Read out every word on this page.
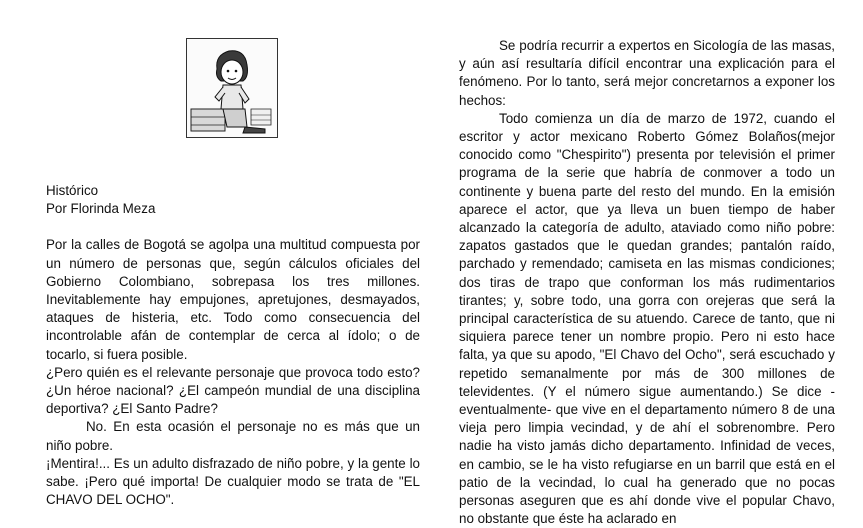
Histórico

Por Florinda Meza

Por la calles de Bogotá se agolpa una multitud compuesta por un número de personas que, según cálculos oficiales del Gobierno Colombiano, sobrepasa los tres millones. Inevitablemente hay empujones, apretujones, desmayados, ataques de histeria, etc. Todo como consecuencia del incontrolable afán de contemplar de cerca al ídolo; o de tocarlo, si fuera posible.

¿Pero quién es el relevante personaje que provoca todo esto? ¿Un héroe nacional? ¿El campeón mundial de una disciplina deportiva? ¿El Santo Padre?

No. En esta ocasión el personaje no es más que un niño pobre.

¡Mentira!... Es un adulto disfrazado de niño pobre, y la gente lo sabe. ¡Pero qué importa! De cualquier modo se trata de "EL CHAVO DEL OCHO".

Se podría recurrir a expertos en Sicología de las masas, y aún así resultaría difícil encontrar una explicación para el fenómeno. Por lo tanto, será mejor concretarnos a exponer los hechos:

Todo comienza un día de marzo de 1972, cuando el escritor y actor mexicano Roberto Gómez Bolaños(mejor conocido como "Chespirito") presenta por televisión el primer programa de la serie que habría de conmover a todo un continente y buena parte del resto del mundo. En la emisión aparece el actor, que ya lleva un buen tiempo de haber alcanzado la categoría de adulto, ataviado como niño pobre: zapatos gastados que le quedan grandes; pantalón raído, parchado y remendado; camiseta en las mismas condiciones; dos tiras de trapo que conforman los más rudimentarios tirantes; y, sobre todo, una gorra con orejeras que será la principal característica de su atuendo. Carece de tanto, que ni siquiera parece tener un nombre propio. Pero ni esto hace falta, ya que su apodo, "El Chavo del Ocho", será escuchado y repetido semanalmente por más de 300 millones de televidentes. (Y el número sigue aumentando.) Se dice -eventualmente- que vive en el departamento número 8 de una vieja pero limpia vecindad, y de ahí el sobrenombre. Pero nadie ha visto jamás dicho departamento. Infinidad de veces, en cambio, se le ha visto refugiarse en un barril que está en el patio de la vecindad, lo cual ha generado que no pocas personas aseguren que es ahí donde vive el popular Chavo, no obstante que éste ha aclarado en
